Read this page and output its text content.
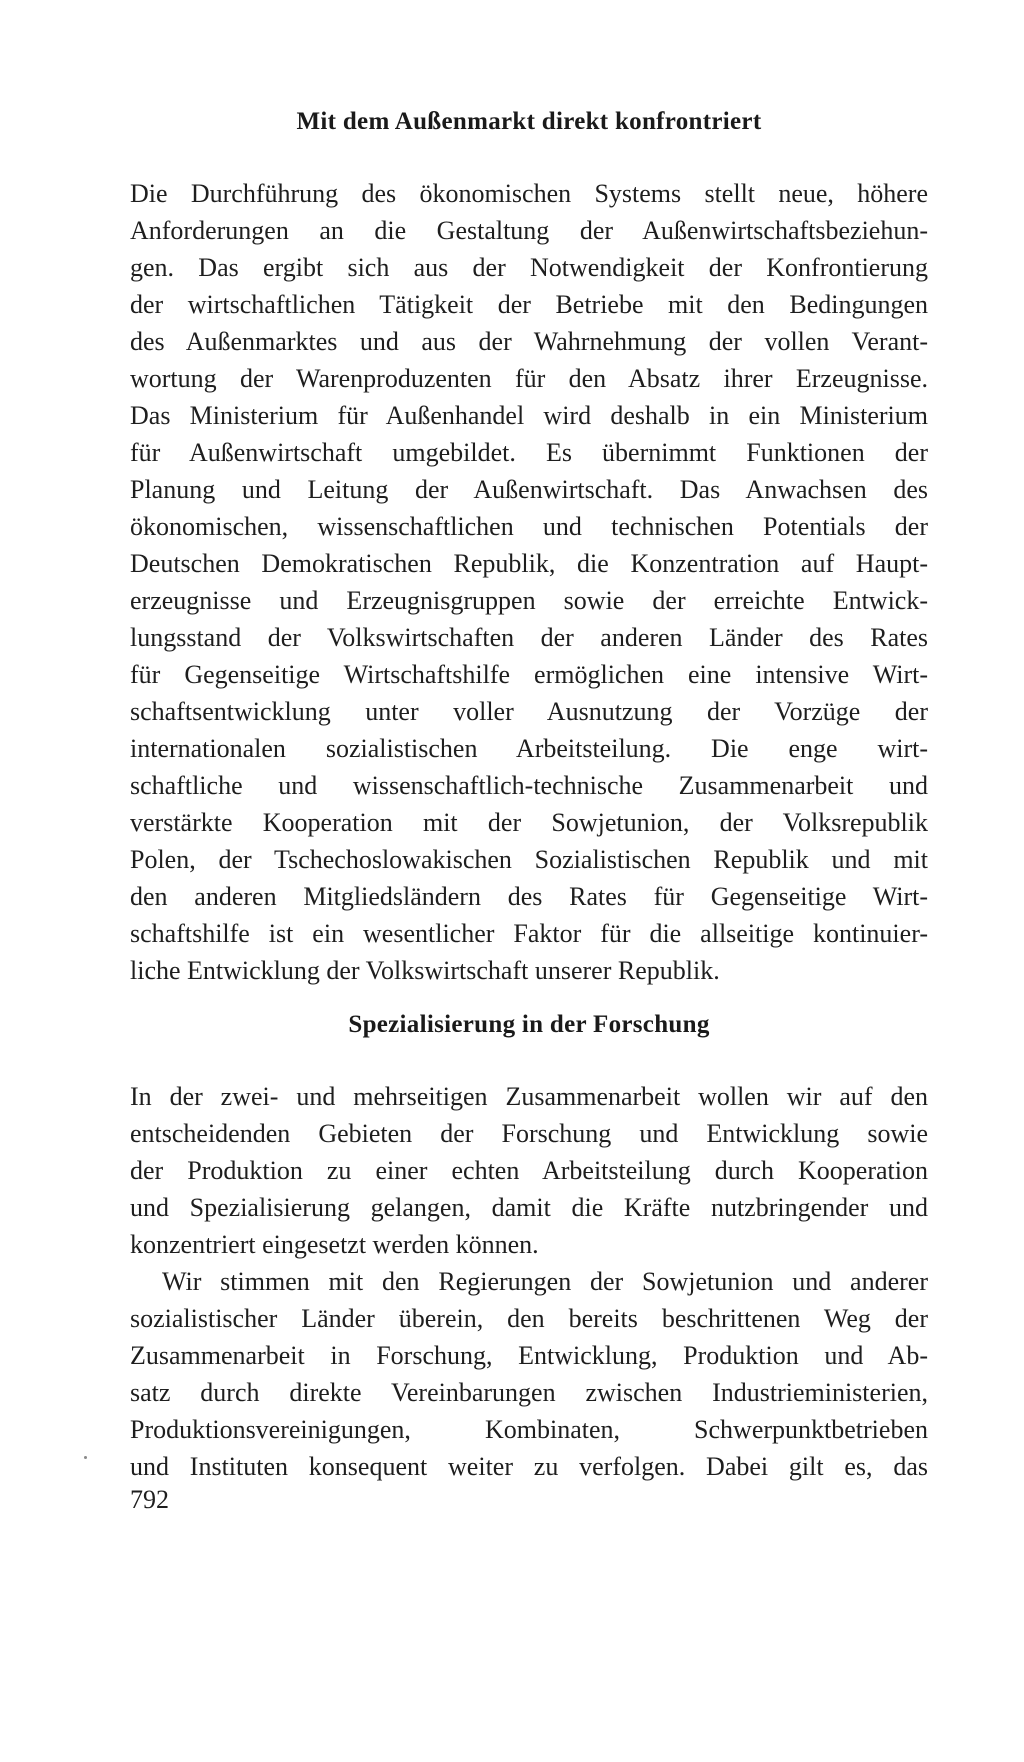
Mit dem Außenmarkt direkt konfrontriert

Die Durchführung des ökonomischen Systems stellt neue, höhere
Anforderungen an die Gestaltung der Außenwirtschaftsbeziehun-
gen. Das ergibt sich aus der Notwendigkeit der Konfrontierung
der wirtschaftlichen Tätigkeit der Betriebe mit den Bedingungen
des Außenmarktes und aus der Wahrnehmung der vollen Verant-
wortung der Warenproduzenten für den Absatz ihrer Erzeugnisse.
Das Ministerium für Außenhandel wird deshalb in ein Ministerium
für Außenwirtschaft umgebildet. Es übernimmt Funktionen der
Planung und Leitung der Außenwirtschaft. Das Anwachsen des
ökonomischen, wissenschaftlichen und technischen Potentials der
Deutschen Demokratischen Republik, die Konzentration auf Haupt-
erzeugnisse und Erzeugnisgruppen sowie der erreichte Entwick-
lungsstand der Volkswirtschaften der anderen Länder des Rates
für Gegenseitige Wirtschaftshilfe ermöglichen eine intensive Wirt-
schaftsentwicklung unter voller Ausnutzung der Vorzüge der
internationalen sozialistischen Arbeitsteilung. Die enge wirt-
schaftliche und wissenschaftlich-technische Zusammenarbeit und
verstärkte Kooperation mit der Sowjetunion, der Volksrepublik
Polen, der Tschechoslowakischen Sozialistischen Republik und mit
den anderen Mitgliedsländern des Rates für Gegenseitige Wirt-
schaftshilfe ist ein wesentlicher Faktor für die allseitige kontinuier-
liche Entwicklung der Volkswirtschaft unserer Republik.

Spezialisierung in der Forschung

In der zwei- und mehrseitigen Zusammenarbeit wollen wir auf den
entscheidenden Gebieten der Forschung und Entwicklung sowie
der Produktion zu einer echten Arbeitsteilung durch Kooperation
und Spezialisierung gelangen, damit die Kräfte nutzbringender und
konzentriert eingesetzt werden können.

Wir stimmen mit den Regierungen der Sowjetunion und anderer
sozialistischer Länder überein, den bereits beschrittenen Weg der
Zusammenarbeit in Forschung, Entwicklung, Produktion und Ab-
satz durch direkte Vereinbarungen zwischen Industrieministerien,
Produktionsvereinigungen, Kombinaten, Schwerpunktbetrieben
und Instituten konsequent weiter zu verfolgen. Dabei gilt es, das

792
